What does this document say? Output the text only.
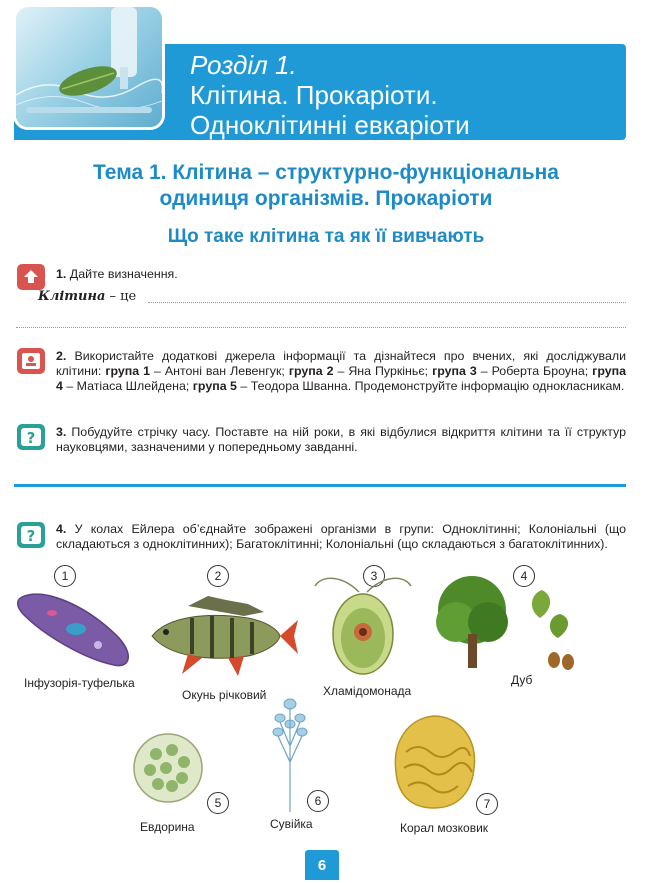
Розділ 1.
Клітина. Прокаріоти.
Одноклітинні евкаріоти
Тема 1. Клітина – структурно-функціональна
одиниця організмів. Прокаріоти
Що таке клітина та як її вивчають
1. Дайте визначення.
Клітина – це
2. Використайте додаткові джерела інформації та дізнайтеся про вчених, які досліджували клітини: група 1 – Антоні ван Левенгук; група 2 – Яна Пуркіньє; група 3 – Роберта Броуна; група 4 – Матіаса Шлейдена; група 5 – Теодора Шванна. Продемонструйте інформацію однокласникам.
? 3. Побудуйте стрічку часу. Поставте на ній роки, в які відбулися відкриття клітини та її структур науковцями, зазначеними у попередньому завданні.
? 4. У колах Ейлера об’єднайте зображені організми в групи: Одноклітинні; Колоніальні (що складаються з одноклітинних); Багатоклітинні; Колоніальні (що складаються з багатоклітинних).
1
Інфузорія-туфелька
2
Окунь річковий
3
Хламідомонада
4
Дуб
5
Евдорина
6
Сувійка
7
Корал мозковик
6
